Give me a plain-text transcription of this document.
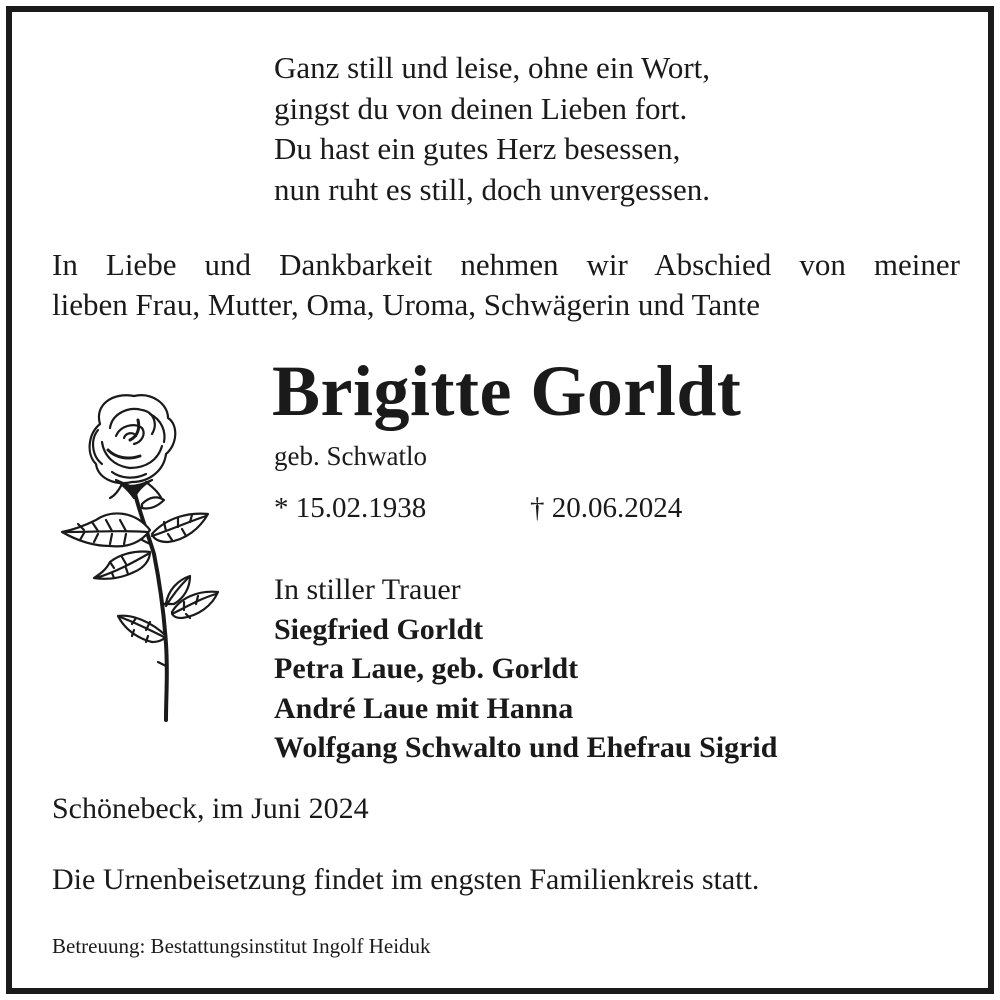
Ganz still und leise, ohne ein Wort,
gingst du von deinen Lieben fort.
Du hast ein gutes Herz besessen,
nun ruht es still, doch unvergessen.
In Liebe und Dankbarkeit nehmen wir Abschied von meiner
lieben Frau, Mutter, Oma, Uroma, Schwägerin und Tante
Brigitte Gorldt
geb. Schwatlo
* 15.02.1938	† 20.06.2024
In stiller Trauer
Siegfried Gorldt
Petra Laue, geb. Gorldt
André Laue mit Hanna
Wolfgang Schwalto und Ehefrau Sigrid
Schönebeck, im Juni 2024
Die Urnenbeisetzung findet im engsten Familienkreis statt.
Betreuung: Bestattungsinstitut Ingolf Heiduk
